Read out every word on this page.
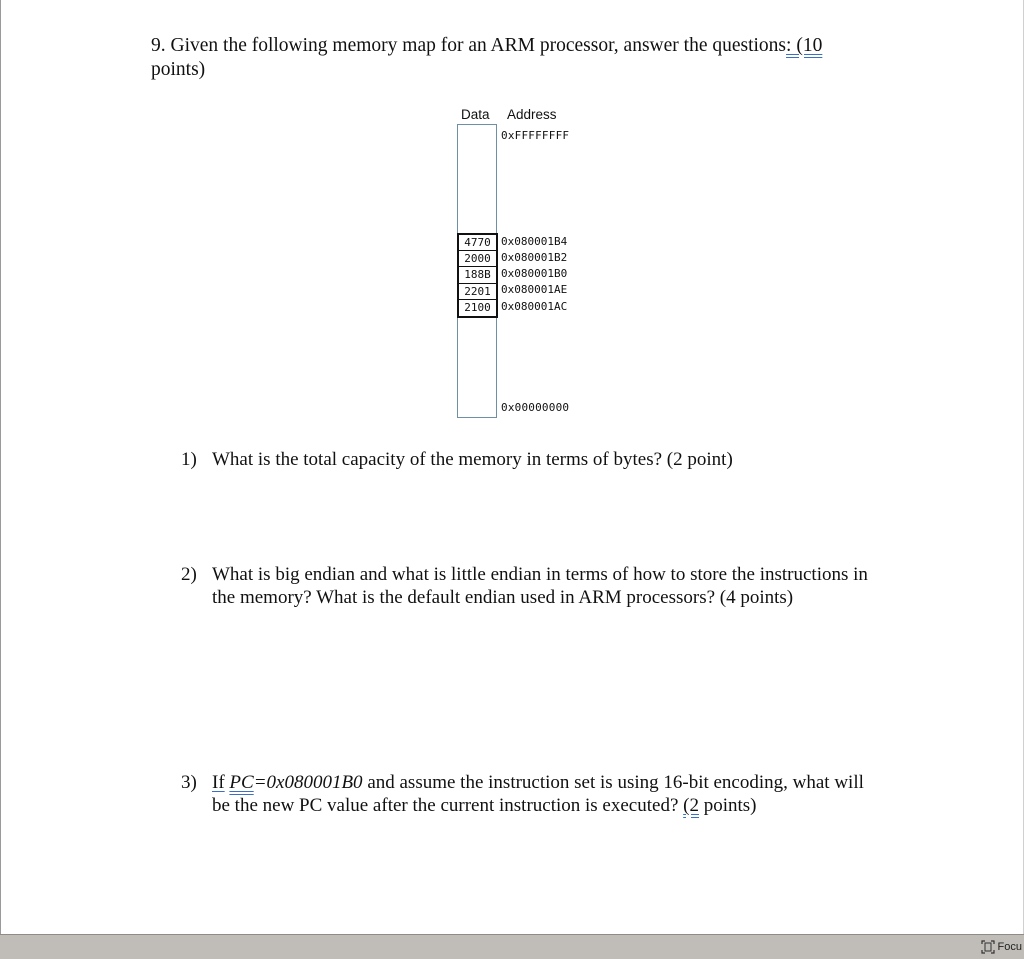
9. Given the following memory map for an ARM processor, answer the questions: (10
points)
Data Address
0xFFFFFFFF
4770
2000
188B
2201
2100
0x080001B4
0x080001B2
0x080001B0
0x080001AE
0x080001AC
0x00000000
1) What is the total capacity of the memory in terms of bytes? (2 point)
2) What is big endian and what is little endian in terms of how to store the instructions in the memory? What is the default endian used in ARM processors? (4 points)
3) If PC=0x080001B0 and assume the instruction set is using 16-bit encoding, what will be the new PC value after the current instruction is executed? (2 points)
Focu
